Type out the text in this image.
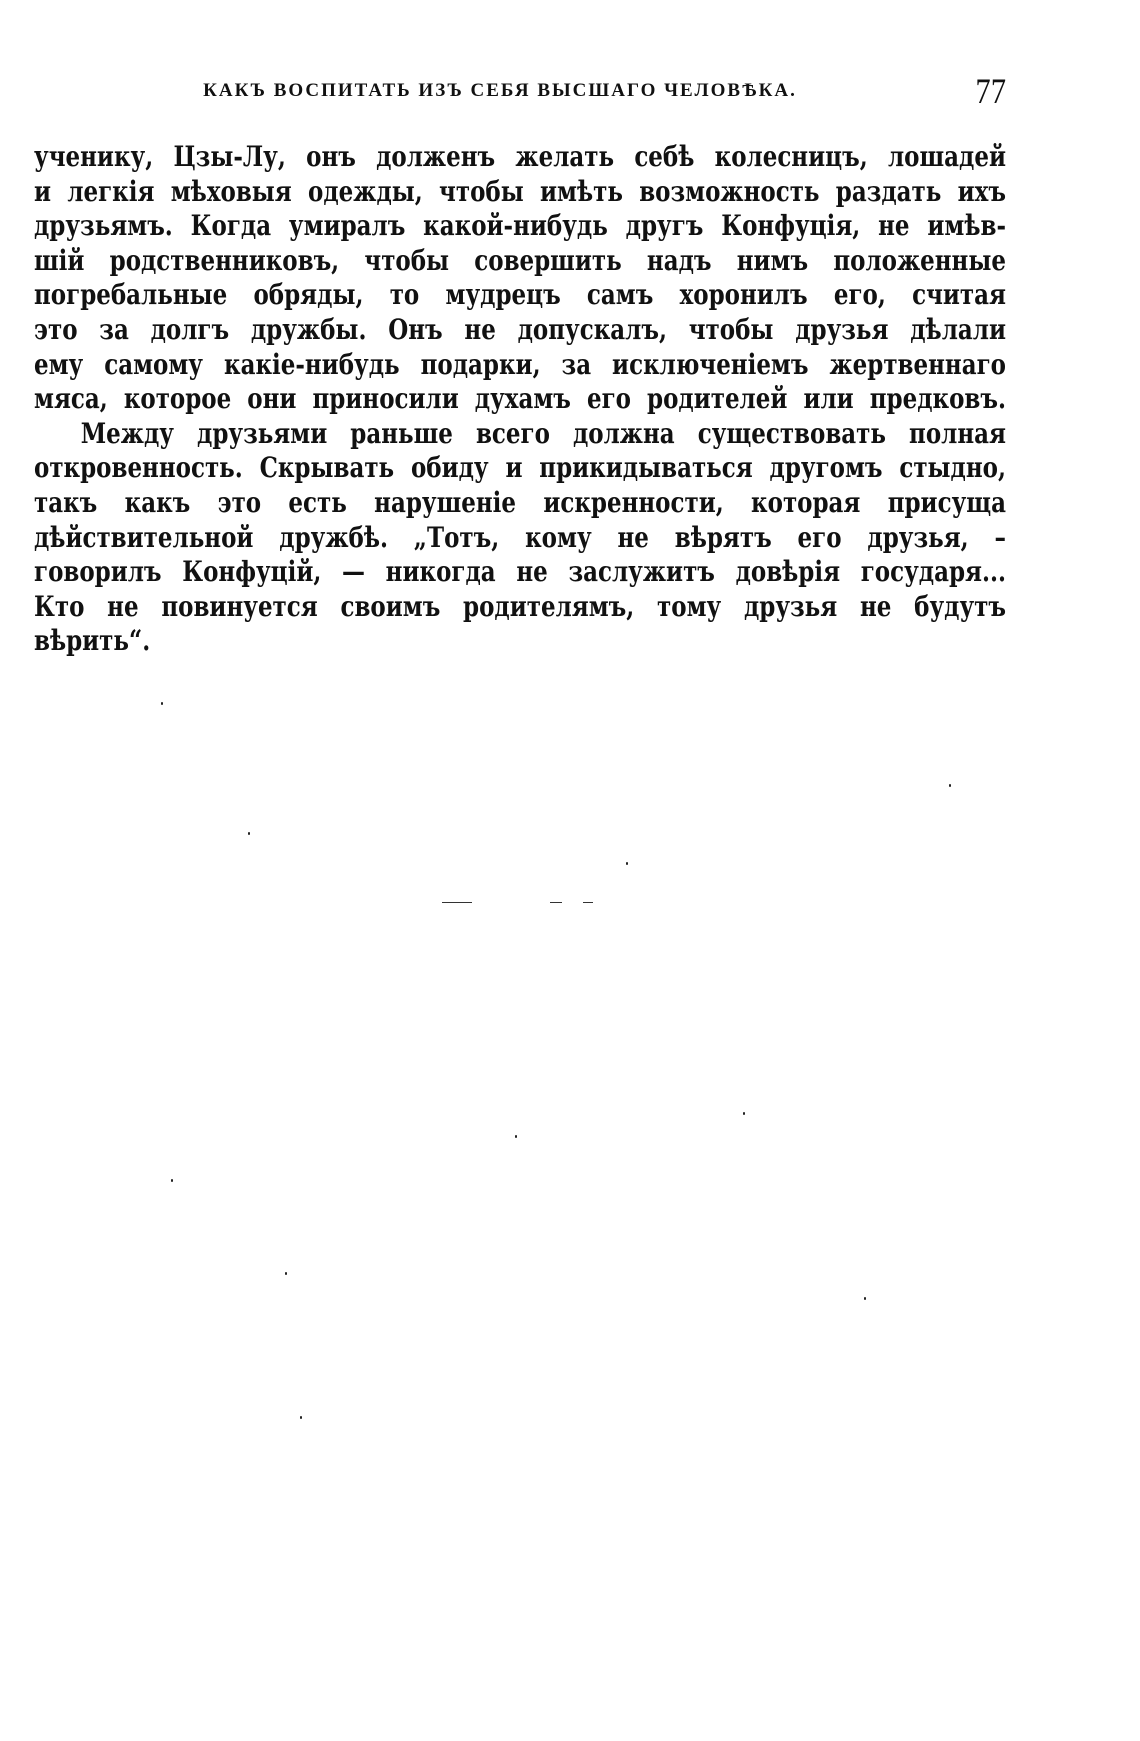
КАКЪ ВОСПИТАТЬ ИЗЪ СЕБЯ ВЫСШАГО ЧЕЛОВѢКА.	77
ученику, Цзы-Лу, онъ долженъ желать себѣ колесницъ, лошадей
и легкія мѣховыя одежды, чтобы имѣть возможность раздать ихъ
друзьямъ. Когда умиралъ какой-нибудь другъ Конфуція, не имѣв-
шій родственниковъ, чтобы совершить надъ нимъ положенные
погребальные обряды, то мудрецъ самъ хоронилъ его, считая
это за долгъ дружбы. Онъ не допускалъ, чтобы друзья дѣлали
ему самому какіе-нибудь подарки, за исключеніемъ жертвеннаго
мяса, которое они приносили духамъ его родителей или предковъ.
Между друзьями раньше всего должна существовать полная
откровенность. Скрывать обиду и прикидываться другомъ стыдно,
такъ какъ это есть нарушеніе искренности, которая присуща
дѣйствительной дружбѣ. „Тотъ, кому не вѣрятъ его друзья, –
говорилъ Конфуцій, — никогда не заслужитъ довѣрія государя...
Кто не повинуется своимъ родителямъ, тому друзья не будутъ
вѣрить“.
